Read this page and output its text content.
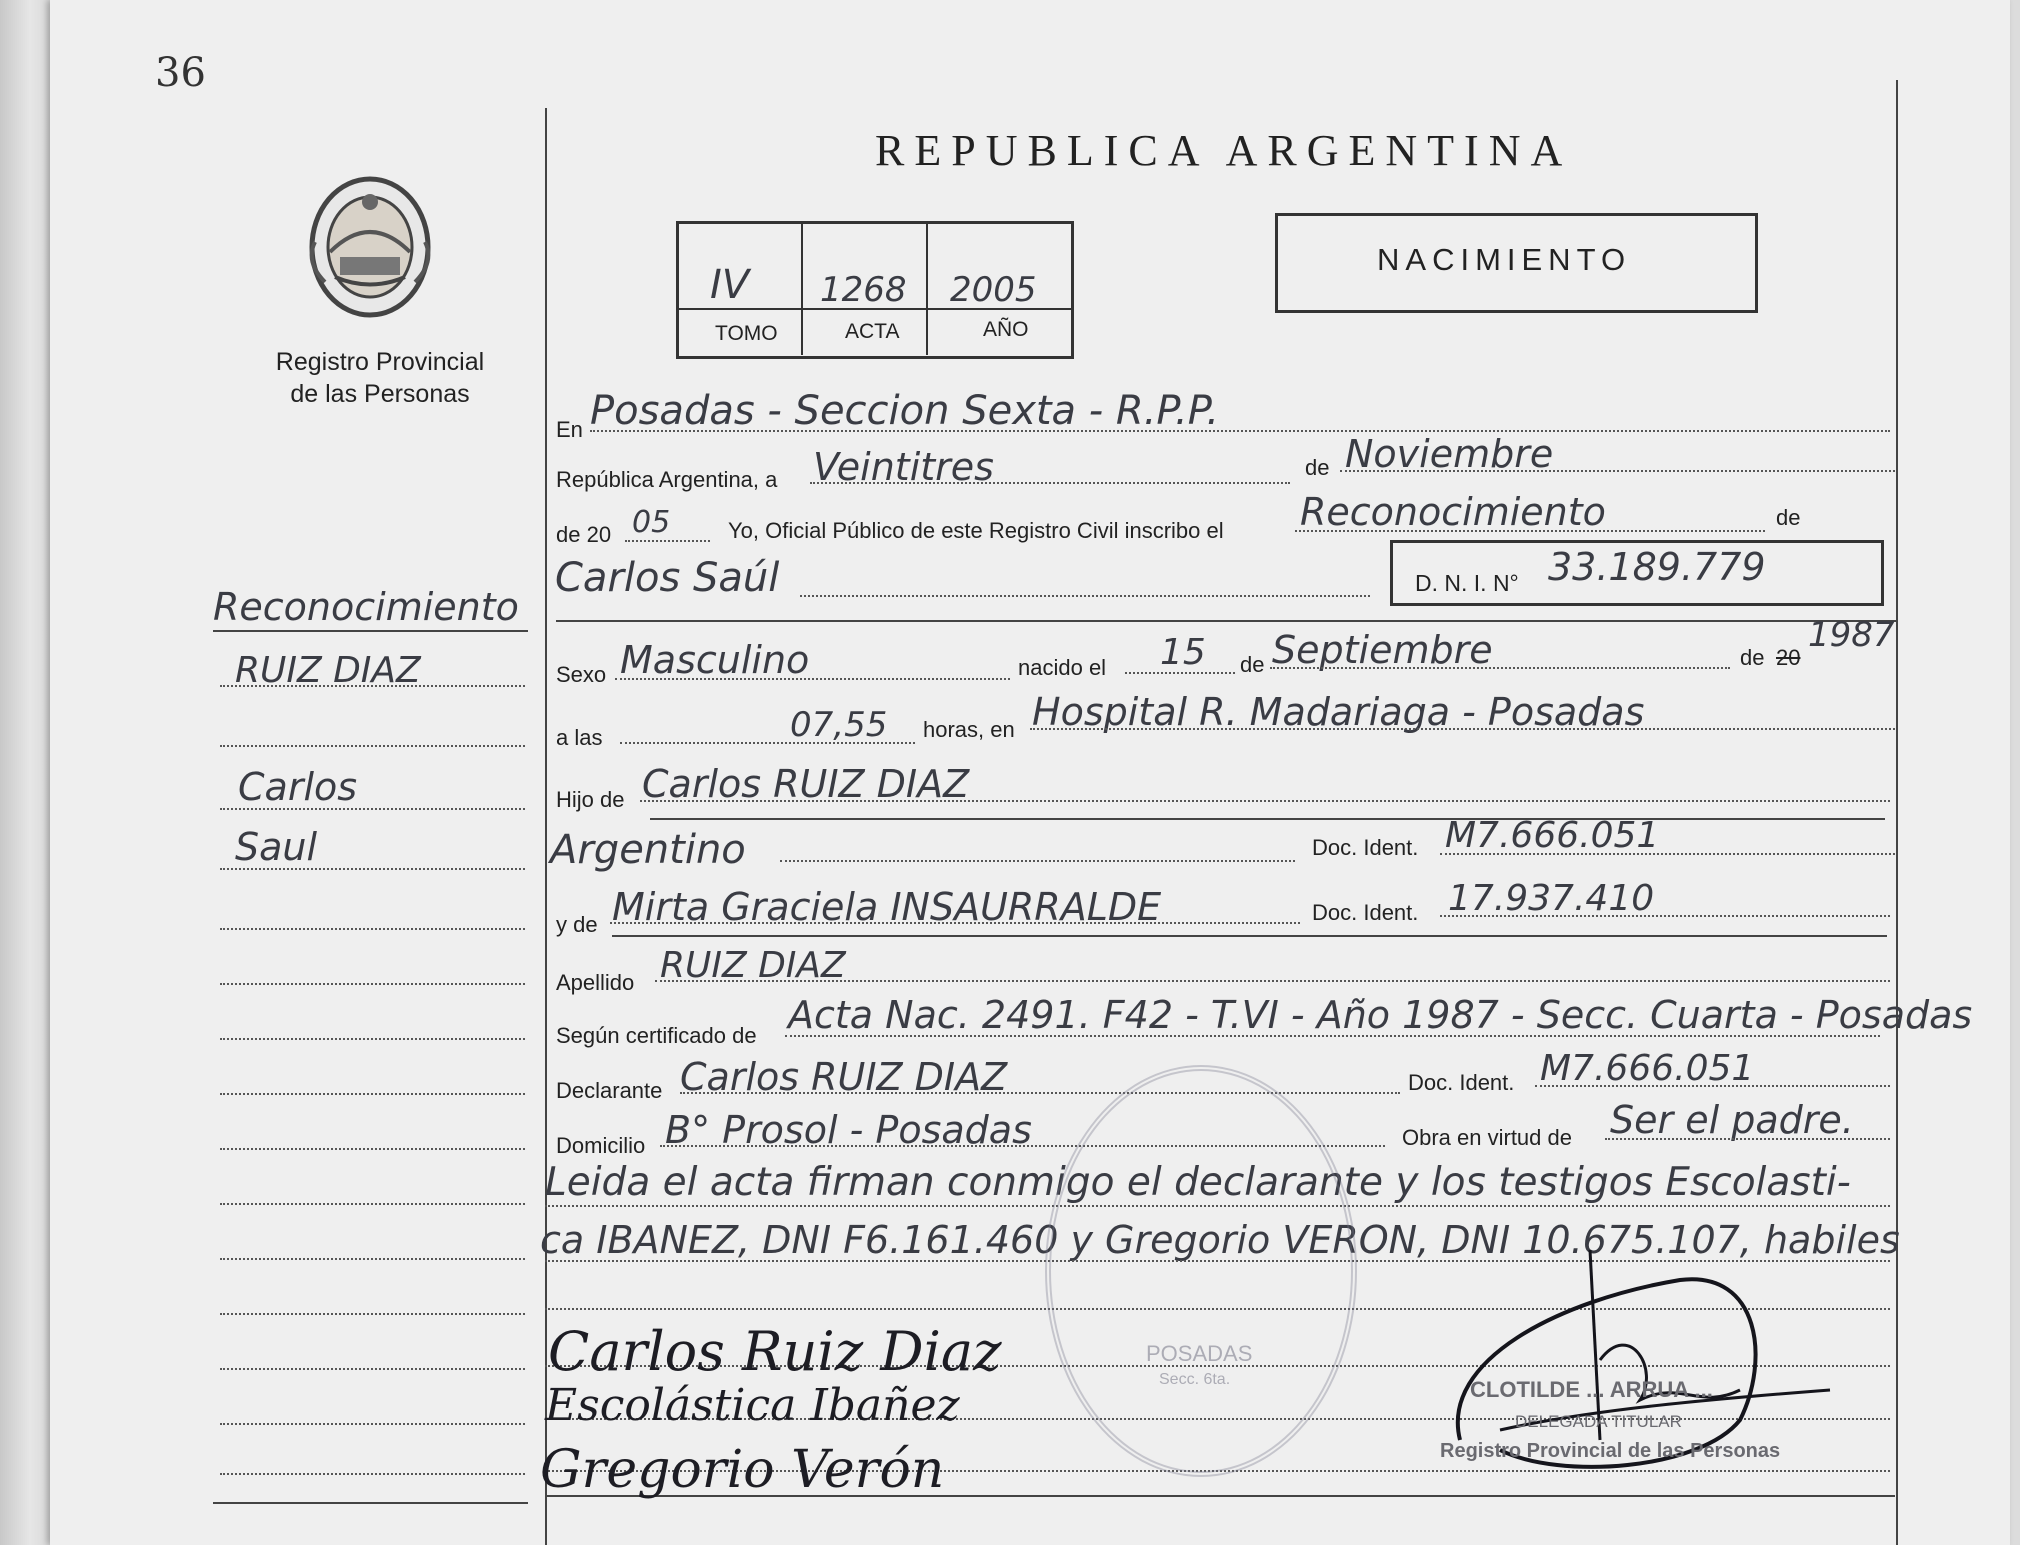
36
Registro Provincial
de las Personas
REPUBLICA ARGENTINA
IV 1268 2005
TOMO	ACTA	AÑO
NACIMIENTO
Reconocimiento
RUIZ DIAZ
Carlos
Saul
En Posadas - Seccion Sexta - R.P.P.
República Argentina, a Veintitres	de Noviembre
de 20 05	Yo, Oficial Público de este Registro Civil inscribo el Reconocimiento	de
Carlos Saúl	D. N. I. N° 33.189.779
Sexo Masculino	nacido el 15 de Septiembre	de 20
1987
a las	07,55 horas, en Hospital R. Madariaga - Posadas
Hijo de Carlos RUIZ DIAZ
Argentino	Doc. Ident. M7.666.051
y de Mirta Graciela INSAURRALDE	Doc. Ident. 17.937.410
Apellido RUIZ DIAZ
Según certificado de Acta Nac. 2491. F42 - T.VI - Año 1987 - Secc. Cuarta - Posadas
Declarante Carlos RUIZ DIAZ	Doc. Ident. M7.666.051
Domicilio B° Prosol - Posadas	Obra en virtud de Ser el padre.
Leida el acta firman conmigo el declarante y los testigos Escolasti-
ca IBANEZ, DNI F6.161.460 y Gregorio VERON, DNI 10.675.107, habiles
POSADAS
Secc. 6ta.
Carlos Ruiz Diaz
Escolástica Ibañez
Gregorio Verón
CLOTILDE ... ARRUA ...
DELEGADA TITULAR
Registro Provincial de las Personas
